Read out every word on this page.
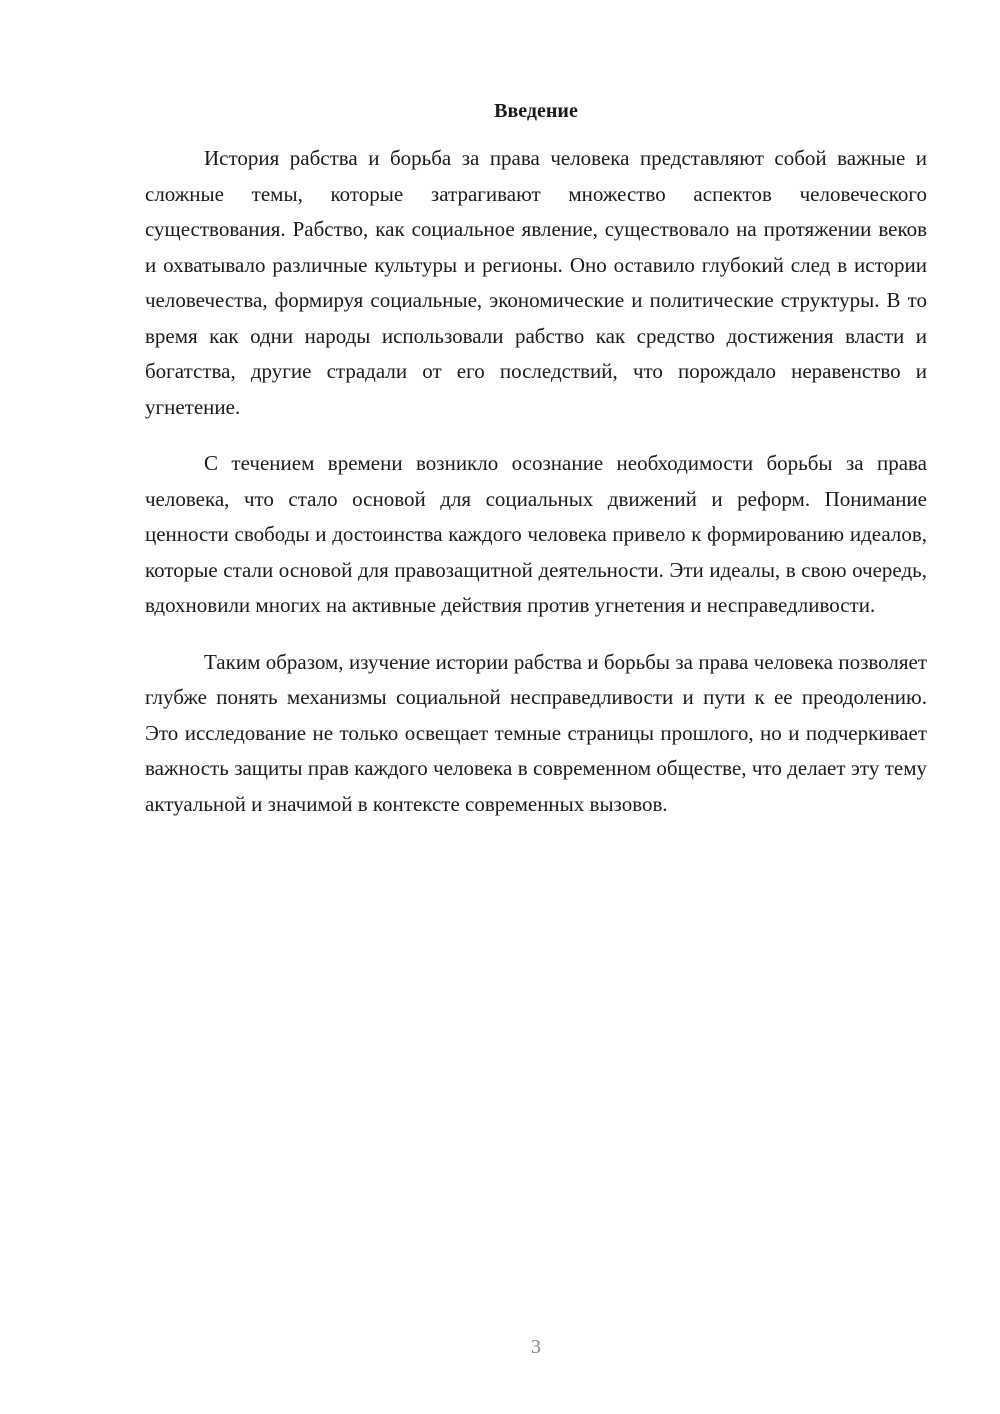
Введение

История рабства и борьба за права человека представляют собой важные и сложные темы, которые затрагивают множество аспектов человеческого существования. Рабство, как социальное явление, существовало на протяжении веков и охватывало различные культуры и регионы. Оно оставило глубокий след в истории человечества, формируя социальные, экономические и политические структуры. В то время как одни народы использовали рабство как средство достижения власти и богатства, другие страдали от его последствий, что порождало неравенство и угнетение.

С течением времени возникло осознание необходимости борьбы за права человека, что стало основой для социальных движений и реформ. Понимание ценности свободы и достоинства каждого человека привело к формированию идеалов, которые стали основой для правозащитной деятельности. Эти идеалы, в свою очередь, вдохновили многих на активные действия против угнетения и несправедливости.

Таким образом, изучение истории рабства и борьбы за права человека позволяет глубже понять механизмы социальной несправедливости и пути к ее преодолению. Это исследование не только освещает темные страницы прошлого, но и подчеркивает важность защиты прав каждого человека в современном обществе, что делает эту тему актуальной и значимой в контексте современных вызовов.

3
